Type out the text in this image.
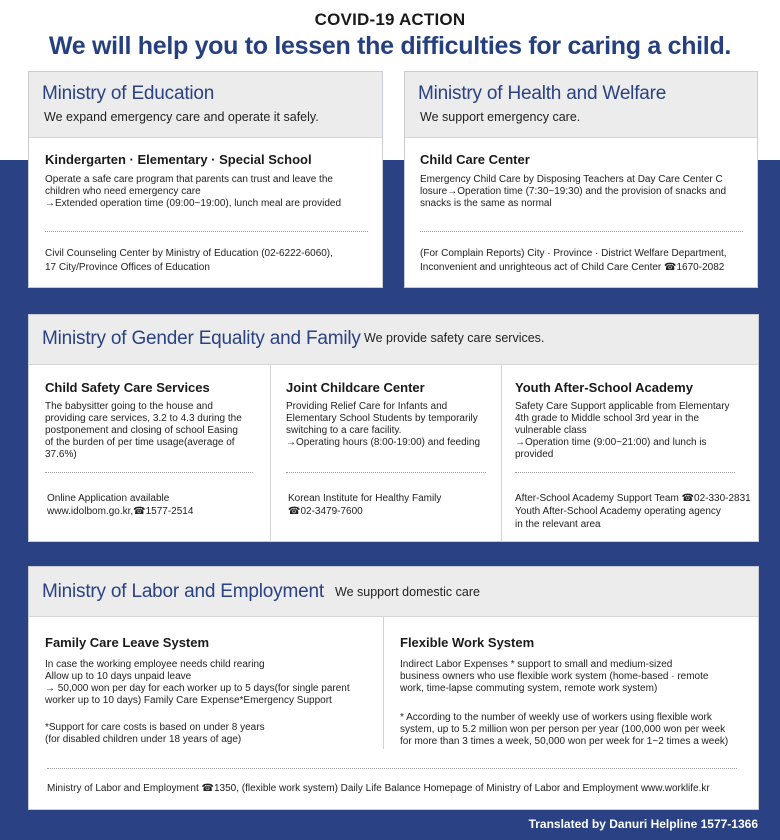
COVID-19 ACTION
We will help you to lessen the difficulties for caring a child.
Ministry of Education
We expand emergency care and operate it safely.
Kindergarten · Elementary · Special School
Operate a safe care program that parents can trust and leave the
children who need emergency care
→Extended operation time (09:00~19:00), lunch meal are provided
Civil Counseling Center by Ministry of Education (02-6222-6060),
17 City/Province Offices of Education
Ministry of Health and Welfare
We support emergency care.
Child Care Center
Emergency Child Care by Disposing Teachers at Day Care Center C
losure→Operation time (7:30~19:30) and the provision of snacks and
snacks is the same as normal
(For Complain Reports) City · Province · District Welfare Department,
Inconvenient and unrighteous act of Child Care Center ☎1670-2082
Ministry of Gender Equality and Family We provide safety care services.
Child Safety Care Services
The babysitter going to the house and
providing care services, 3.2 to 4.3 during the
postponement and closing of school Easing
of the burden of per time usage(average of
37.6%)
Online Application available
www.idolbom.go.kr,☎1577-2514
Joint Childcare Center
Providing Relief Care for Infants and
Elementary School Students by temporarily
switching to a care facility.
→Operating hours (8:00-19:00) and feeding
Korean Institute for Healthy Family
☎02-3479-7600
Youth After-School Academy
Safety Care Support applicable from Elementary
4th grade to Middle school 3rd year in the
vulnerable class
→Operation time (9:00~21:00) and lunch is
provided
After-School Academy Support Team ☎02-330-2831
Youth After-School Academy operating agency
in the relevant area
Ministry of Labor and Employment We support domestic care
Family Care Leave System
In case the working employee needs child rearing
Allow up to 10 days unpaid leave
→ 50,000 won per day for each worker up to 5 days(for single parent
worker up to 10 days) Family Care Expense*Emergency Support
*Support for care costs is based on under 8 years
(for disabled children under 18 years of age)
Flexible Work System
Indirect Labor Expenses * support to small and medium-sized
business owners who use flexible work system (home-based · remote
work, time-lapse commuting system, remote work system)
* According to the number of weekly use of workers using flexible work
system, up to 5.2 million won per person per year (100,000 won per week
for more than 3 times a week, 50,000 won per week for 1~2 times a week)
Ministry of Labor and Employment ☎1350, (flexible work system) Daily Life Balance Homepage of Ministry of Labor and Employment www.worklife.kr
Translated by Danuri Helpline 1577-1366
